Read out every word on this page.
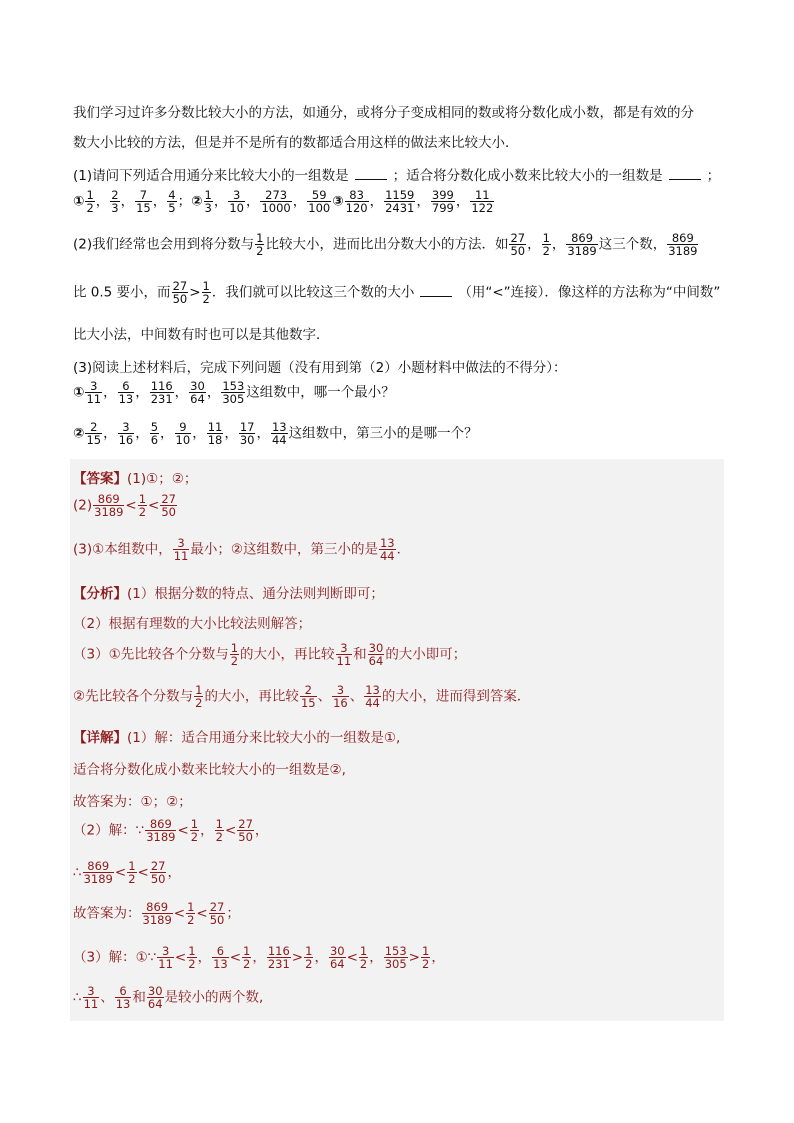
我们学习过许多分数比较大小的方法，如通分，或将分子变成相同的数或将分数化成小数，都是有效的分
数大小比较的方法，但是并不是所有的数都适合用这样的做法来比较大小．
(1)请问下列适合用通分来比较大小的一组数是	；适合将分数化成小数来比较大小的一组数是	；
① $\frac{1}{2}$ ， $\frac{2}{3}$ ， $\frac{7}{15}$ ， $\frac{4}{5}$ ；② $\frac{1}{3}$ ， $\frac{3}{10}$ ， $\frac{273}{1000}$ ， $\frac{59}{100}$ ③ $\frac{83}{120}$ ， $\frac{1159}{2431}$ ， $\frac{399}{799}$ ， $\frac{11}{122}$
(2)我们经常也会用到将分数与 $\frac{1}{2}$ 比较大小，进而比出分数大小的方法．如 $\frac{27}{50}$ ， $\frac{1}{2}$ ， $\frac{869}{3189}$ 这三个数， $\frac{869}{3189}$
比 0.5 要小，而 $\frac{27}{50} > \frac{1}{2}$ ．我们就可以比较这三个数的大小	（用“<”连接）．像这样的方法称为“中间数”
比大小法，中间数有时也可以是其他数字．
(3)阅读上述材料后，完成下列问题（没有用到第（2）小题材料中做法的不得分）：
① $\frac{3}{11}$ ， $\frac{6}{13}$ ， $\frac{116}{231}$ ， $\frac{30}{64}$ ， $\frac{153}{305}$ 这组数中，哪一个最小？
② $\frac{2}{15}$ ， $\frac{3}{16}$ ， $\frac{5}{6}$ ， $\frac{9}{10}$ ， $\frac{11}{18}$ ， $\frac{17}{30}$ ， $\frac{13}{44}$ 这组数中，第三小的是哪一个？
【答案】(1)①；②；
$(2) \frac{869}{3189} < \frac{1}{2} < \frac{27}{50}$
(3)①本组数中， $\frac{3}{11}$ 最小；②这组数中，第三小的是 $\frac{13}{44}$ ．
【分析】(1）根据分数的特点、通分法则判断即可；
（2）根据有理数的大小比较法则解答；
（3）①先比较各个分数与 $\frac{1}{2}$ 的大小，再比较 $\frac{3}{11}$ 和 $\frac{30}{64}$ 的大小即可；
②先比较各个分数与 $\frac{1}{2}$ 的大小，再比较 $\frac{2}{15}$ 、 $\frac{3}{16}$ 、 $\frac{13}{44}$ 的大小，进而得到答案．
【详解】(1）解：适合用通分来比较大小的一组数是①,
适合将分数化成小数来比较大小的一组数是②,
故答案为：①；②；
（2）解：∵ $\frac{869}{3189} < \frac{1}{2}$ ， $\frac{1}{2} < \frac{27}{50}$ ，
∴ $\frac{869}{3189} < \frac{1}{2} < \frac{27}{50}$ ，
故答案为： $\frac{869}{3189} < \frac{1}{2} < \frac{27}{50}$ ；
（3）解：①∵ $\frac{3}{11} < \frac{1}{2}$ ， $\frac{6}{13} < \frac{1}{2}$ ， $\frac{116}{231} > \frac{1}{2}$ ， $\frac{30}{64} < \frac{1}{2}$ ， $\frac{153}{305} > \frac{1}{2}$ ，
∴ $\frac{3}{11}$ 、 $\frac{6}{13}$ 和 $\frac{30}{64}$ 是较小的两个数,
